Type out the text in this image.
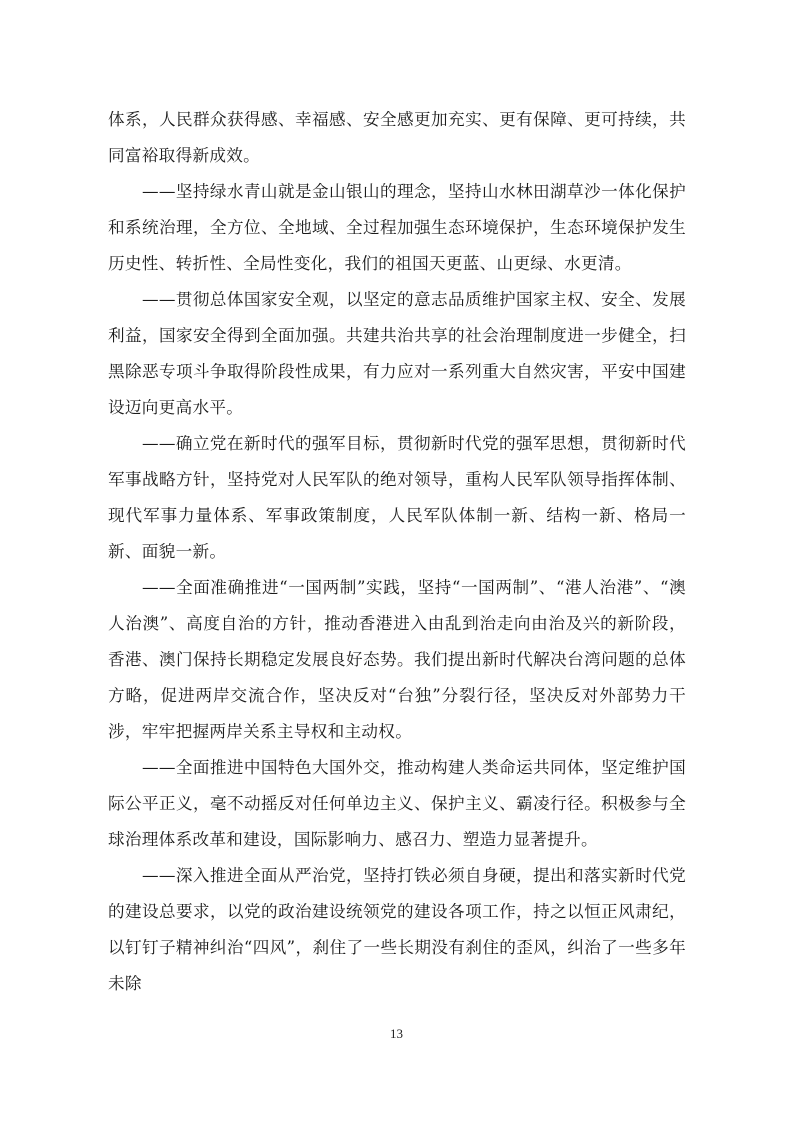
体系，人民群众获得感、幸福感、安全感更加充实、更有保障、更可持续，共同富裕取得新成效。

——坚持绿水青山就是金山银山的理念，坚持山水林田湖草沙一体化保护和系统治理，全方位、全地域、全过程加强生态环境保护，生态环境保护发生历史性、转折性、全局性变化，我们的祖国天更蓝、山更绿、水更清。

——贯彻总体国家安全观，以坚定的意志品质维护国家主权、安全、发展利益，国家安全得到全面加强。共建共治共享的社会治理制度进一步健全，扫黑除恶专项斗争取得阶段性成果，有力应对一系列重大自然灾害，平安中国建设迈向更高水平。

——确立党在新时代的强军目标，贯彻新时代党的强军思想，贯彻新时代军事战略方针，坚持党对人民军队的绝对领导，重构人民军队领导指挥体制、现代军事力量体系、军事政策制度，人民军队体制一新、结构一新、格局一新、面貌一新。

——全面准确推进“一国两制”实践，坚持“一国两制”、“港人治港”、“澳人治澳”、高度自治的方针，推动香港进入由乱到治走向由治及兴的新阶段，香港、澳门保持长期稳定发展良好态势。我们提出新时代解决台湾问题的总体方略，促进两岸交流合作，坚决反对“台独”分裂行径，坚决反对外部势力干涉，牢牢把握两岸关系主导权和主动权。

——全面推进中国特色大国外交，推动构建人类命运共同体，坚定维护国际公平正义，毫不动摇反对任何单边主义、保护主义、霸凌行径。积极参与全球治理体系改革和建设，国际影响力、感召力、塑造力显著提升。

——深入推进全面从严治党，坚持打铁必须自身硬，提出和落实新时代党的建设总要求，以党的政治建设统领党的建设各项工作，持之以恒正风肃纪，以钉钉子精神纠治“四风”，刹住了一些长期没有刹住的歪风，纠治了一些多年未除

13
